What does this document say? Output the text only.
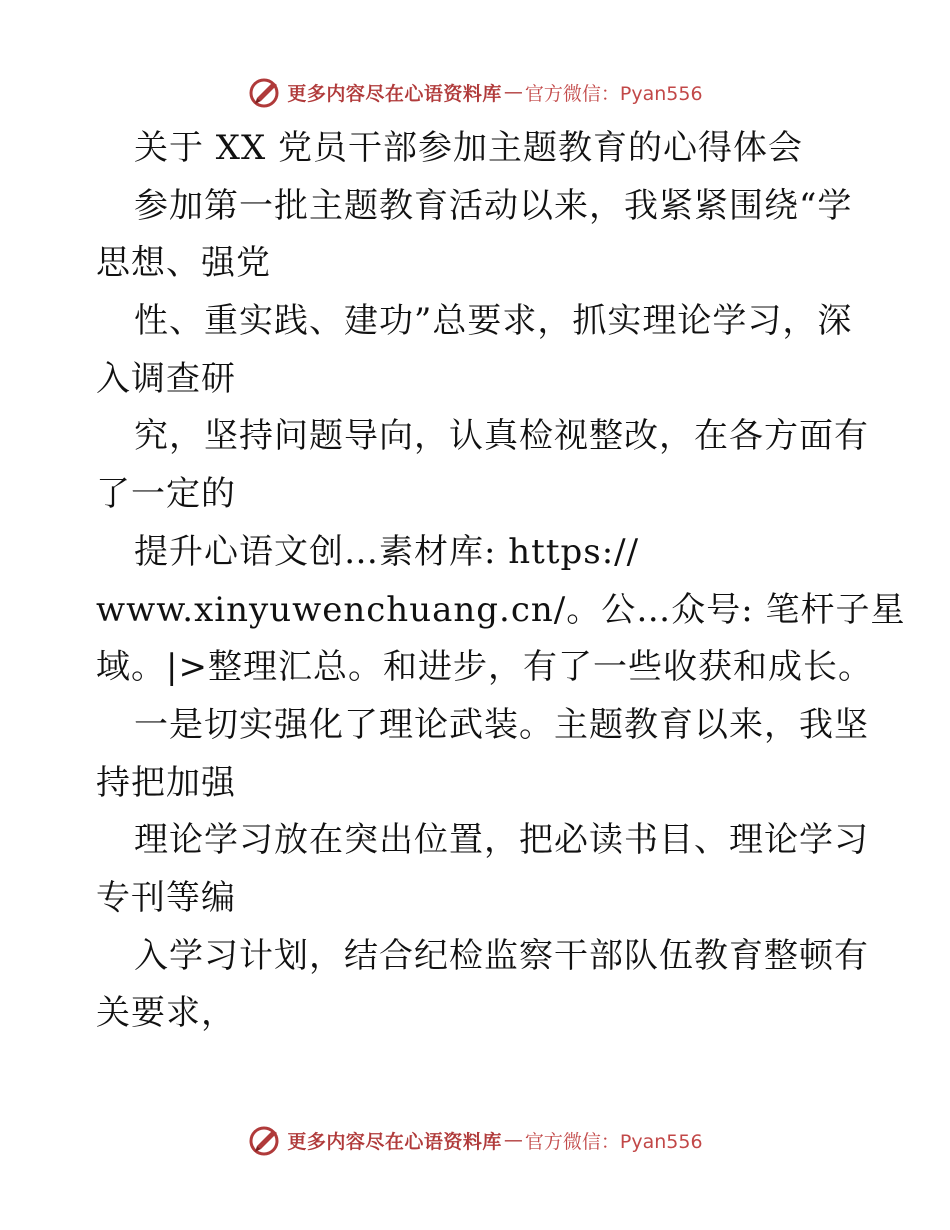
更多内容尽在心语资料库 — 官方微信：Pyan556
关于 XX 党员干部参加主题教育的心得体会
参加第一批主题教育活动以来，我紧紧围绕“学
思想、强党
性、重实践、建功”总要求，抓实理论学习，深
入调查研
究，坚持问题导向，认真检视整改，在各方面有
了一定的
提升心语文创…素材库: https://
www.xinyuwenchuang.cn/。公…众号: 笔杆子星
域。|>整理汇总。和进步，有了一些收获和成长。
一是切实强化了理论武装。主题教育以来，我坚
持把加强
理论学习放在突出位置，把必读书目、理论学习
专刊等编
入学习计划，结合纪检监察干部队伍教育整顿有
关要求，
更多内容尽在心语资料库 — 官方微信：Pyan556
